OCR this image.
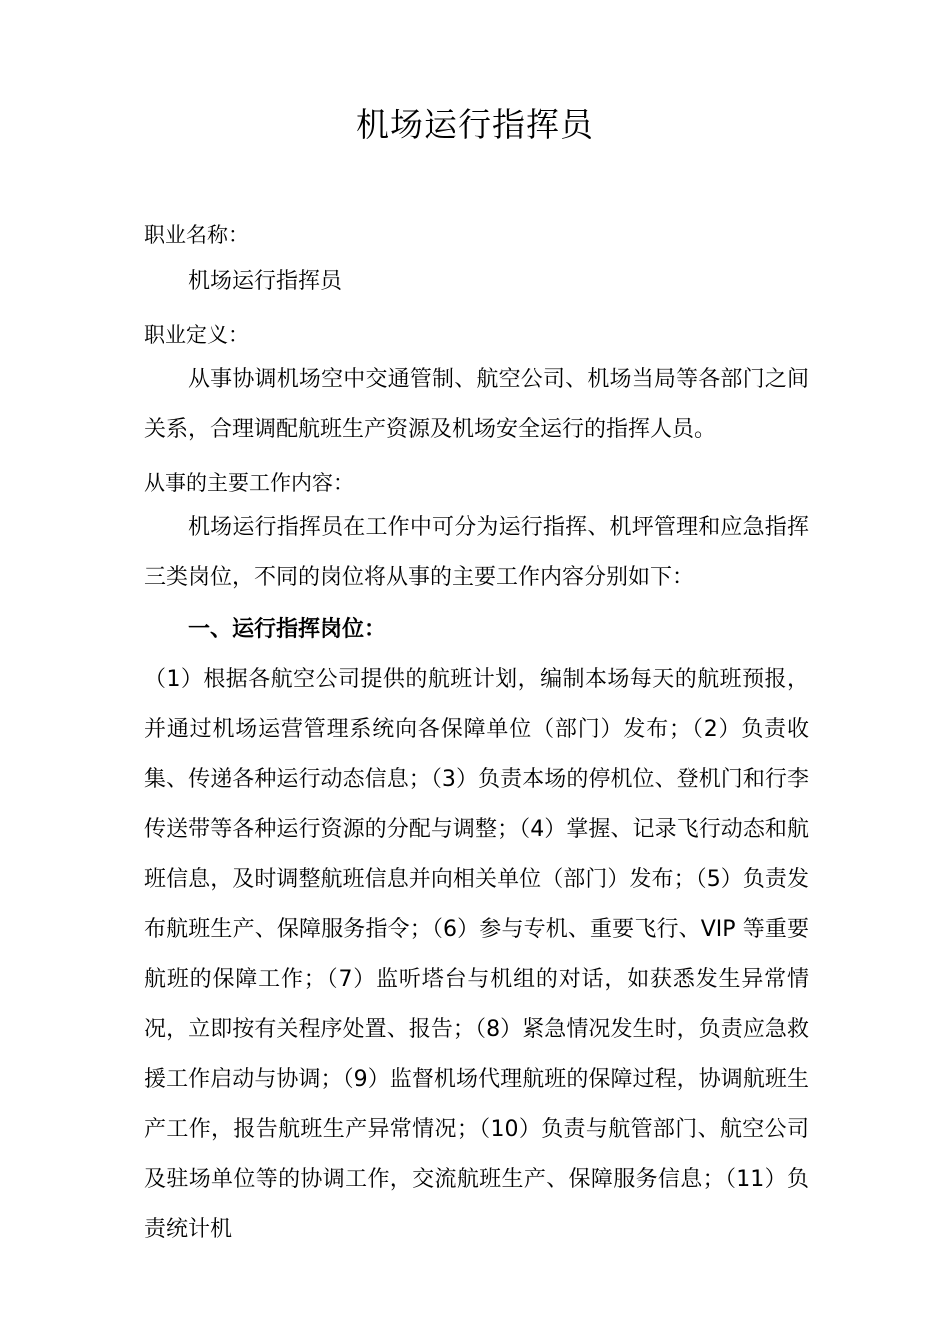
机场运行指挥员
职业名称：
机场运行指挥员
职业定义：
从事协调机场空中交通管制、航空公司、机场当局等各部门之间关系，合理调配航班生产资源及机场安全运行的指挥人员。
从事的主要工作内容：
机场运行指挥员在工作中可分为运行指挥、机坪管理和应急指挥三类岗位，不同的岗位将从事的主要工作内容分别如下：
一、运行指挥岗位：
（1）根据各航空公司提供的航班计划，编制本场每天的航班预报，并通过机场运营管理系统向各保障单位（部门）发布；（2）负责收集、传递各种运行动态信息；（3）负责本场的停机位、登机门和行李传送带等各种运行资源的分配与调整；（4）掌握、记录飞行动态和航班信息，及时调整航班信息并向相关单位（部门）发布；（5）负责发布航班生产、保障服务指令；（6）参与专机、重要飞行、VIP 等重要航班的保障工作；（7）监听塔台与机组的对话，如获悉发生异常情况，立即按有关程序处置、报告；（8）紧急情况发生时，负责应急救援工作启动与协调；（9）监督机场代理航班的保障过程，协调航班生产工作，报告航班生产异常情况；（10）负责与航管部门、航空公司及驻场单位等的协调工作，交流航班生产、保障服务信息；（11）负责统计机
